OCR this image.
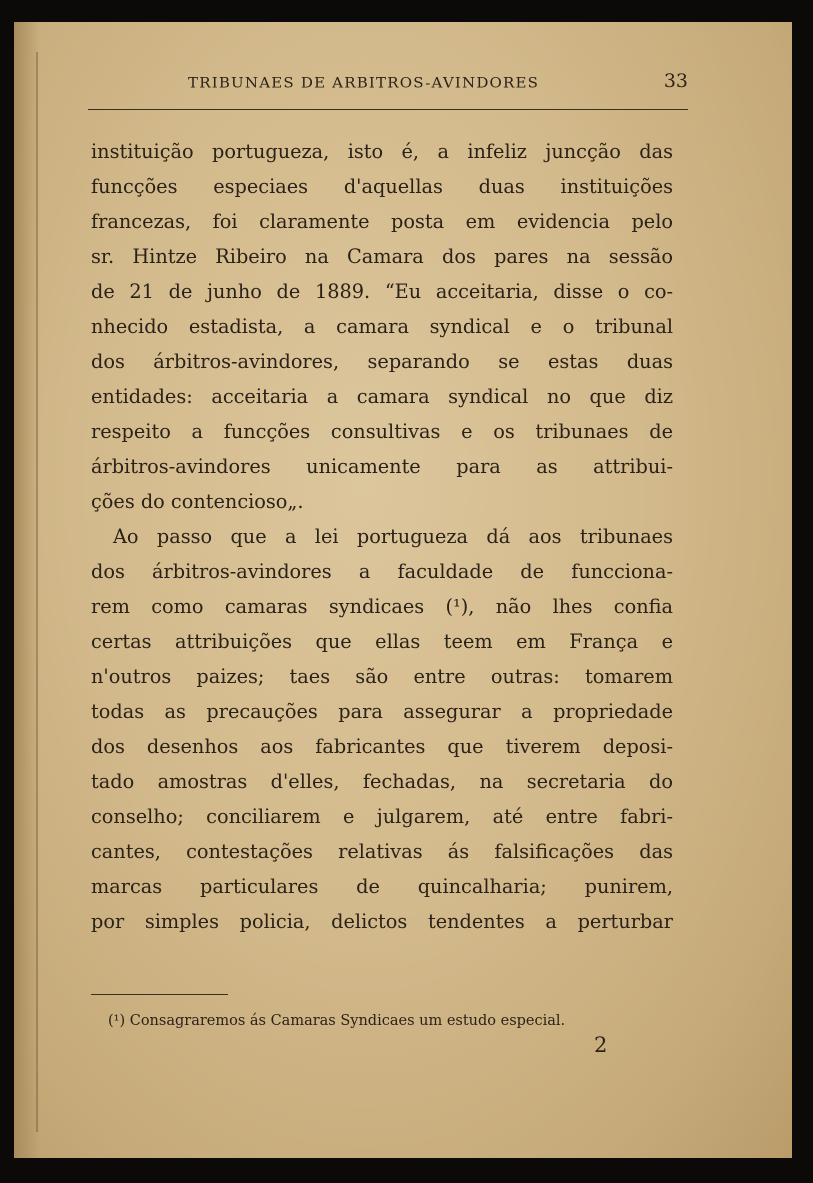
TRIBUNAES DE ARBITROS-AVINDORES	33
instituição portugueza, isto é, a infeliz juncção das
funcções especiaes d'aquellas duas instituições
francezas, foi claramente posta em evidencia pelo
sr. Hintze Ribeiro na Camara dos pares na sessão
de 21 de junho de 1889. “Eu acceitaria, disse o co-
nhecido estadista, a camara syndical e o tribunal
dos árbitros-avindores, separando se estas duas
entidades: acceitaria a camara syndical no que diz
respeito a funcções consultivas e os tribunaes de
árbitros-avindores unicamente para as attribui-
ções do contencioso„.
Ao passo que a lei portugueza dá aos tribunaes
dos árbitros-avindores a faculdade de funcciona-
rem como camaras syndicaes (¹), não lhes confia
certas attribuições que ellas teem em França e
n'outros paizes; taes são entre outras: tomarem
todas as precauções para assegurar a propriedade
dos desenhos aos fabricantes que tiverem deposi-
tado amostras d'elles, fechadas, na secretaria do
conselho; conciliarem e julgarem, até entre fabri-
cantes, contestações relativas ás falsificações das
marcas particulares de quincalharia; punirem,
por simples policia, delictos tendentes a perturbar
(¹) Consagraremos ás Camaras Syndicaes um estudo especial.
2
